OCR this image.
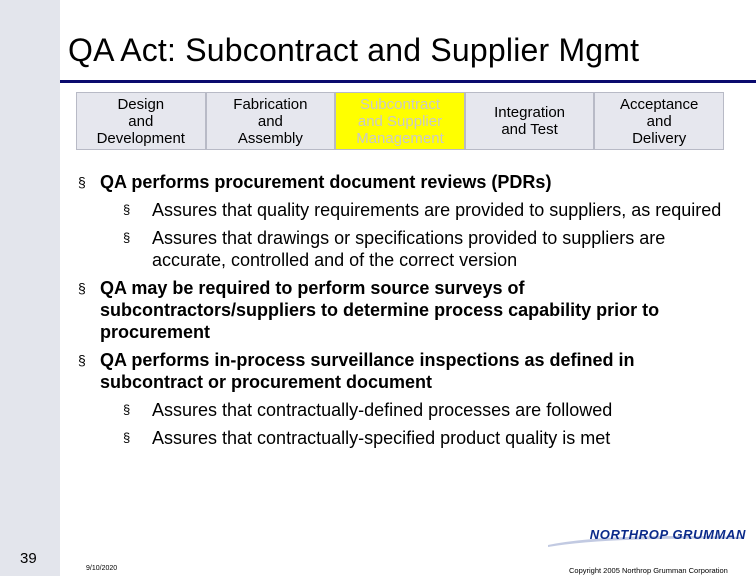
QA Act: Subcontract and Supplier Mgmt
Design
and
Development
Fabrication
and
Assembly
Subcontract
and Supplier
Management
Integration
and Test
Acceptance
and
Delivery
§ QA performs procurement document reviews (PDRs)
§ Assures that quality requirements are provided to suppliers, as required
§ Assures that drawings or specifications provided to suppliers are accurate, controlled and of the correct version
§ QA may be required to perform source surveys of subcontractors/suppliers to determine process capability prior to procurement
§ QA performs in-process surveillance inspections as defined in subcontract or procurement document
§ Assures that contractually-defined processes are followed
§ Assures that contractually-specified product quality is met
39
9/10/2020
NORTHROP GRUMMAN
Copyright 2005 Northrop Grumman Corporation
